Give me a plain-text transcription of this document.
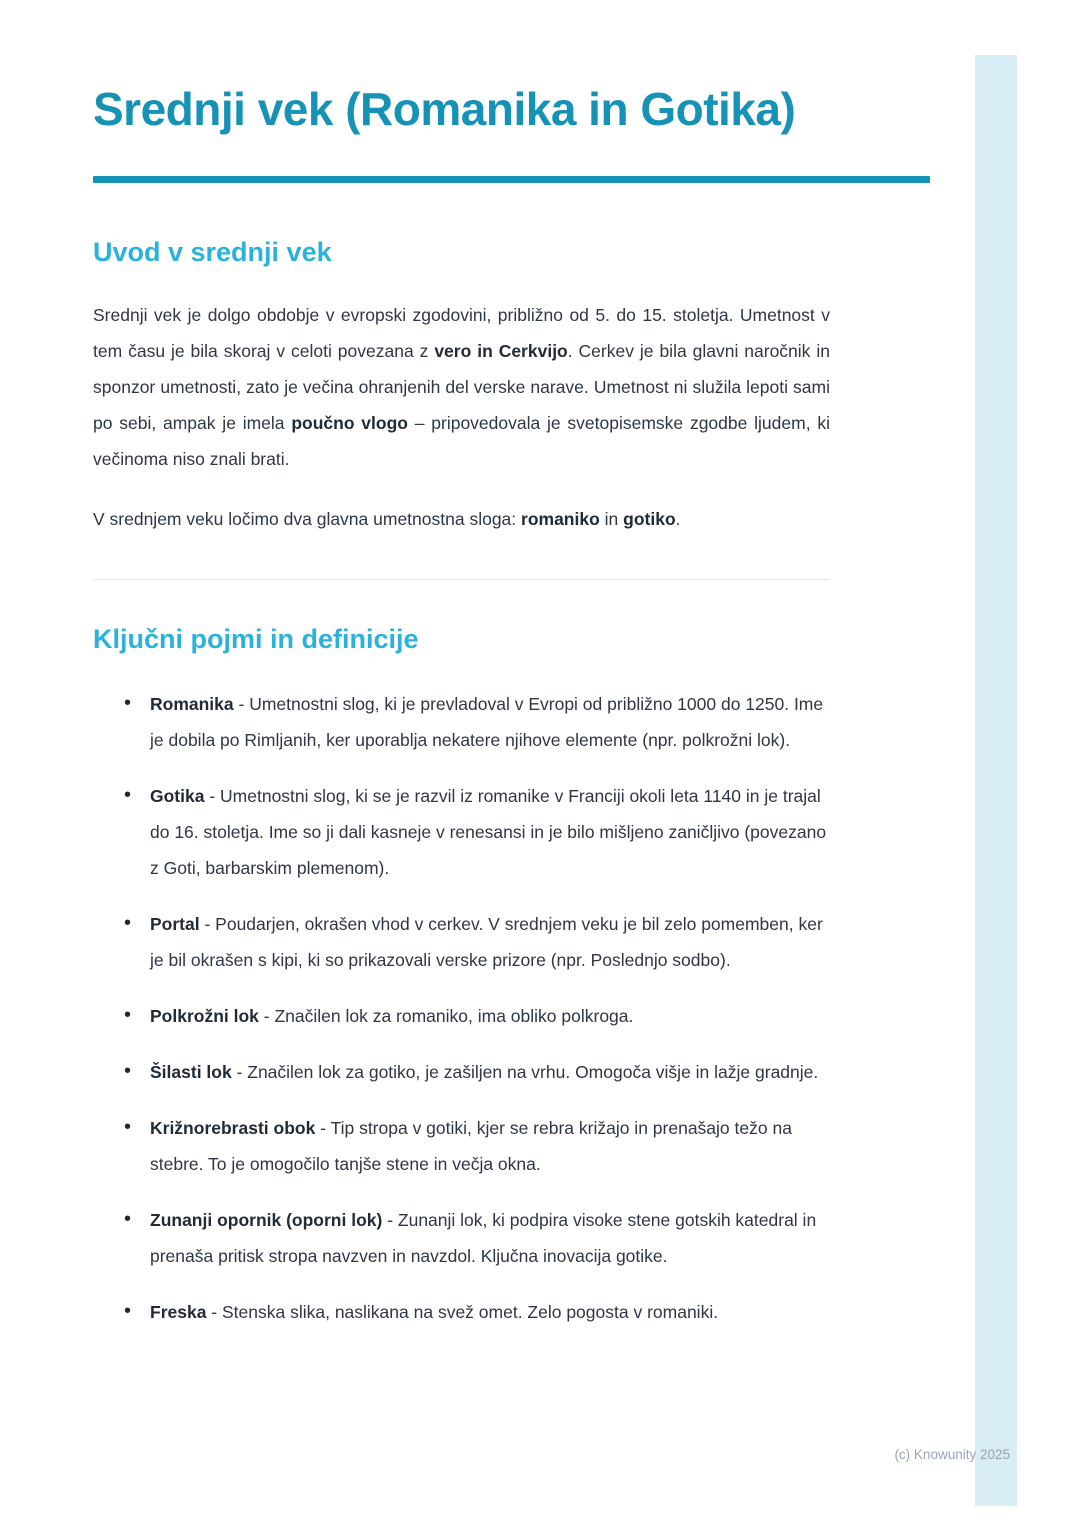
Srednji vek (Romanika in Gotika)
Uvod v srednji vek

Srednji vek je dolgo obdobje v evropski zgodovini, približno od 5. do 15. stoletja. Umetnost v tem času je bila skoraj v celoti povezana z vero in Cerkvijo. Cerkev je bila glavni naročnik in sponzor umetnosti, zato je večina ohranjenih del verske narave. Umetnost ni služila lepoti sami po sebi, ampak je imela poučno vlogo – pripovedovala je svetopisemske zgodbe ljudem, ki večinoma niso znali brati.

V srednjem veku ločimo dva glavna umetnostna sloga: romaniko in gotiko.

Ključni pojmi in definicije
• Romanika - Umetnostni slog, ki je prevladoval v Evropi od približno 1000 do 1250. Ime je dobila po Rimljanih, ker uporablja nekatere njihove elemente (npr. polkrožni lok).
• Gotika - Umetnostni slog, ki se je razvil iz romanike v Franciji okoli leta 1140 in je trajal do 16. stoletja. Ime so ji dali kasneje v renesansi in je bilo mišljeno zaničljivo (povezano z Goti, barbarskim plemenom).
• Portal - Poudarjen, okrašen vhod v cerkev. V srednjem veku je bil zelo pomemben, ker je bil okrašen s kipi, ki so prikazovali verske prizore (npr. Poslednjo sodbo).
• Polkrožni lok - Značilen lok za romaniko, ima obliko polkroga.
• Šilasti lok - Značilen lok za gotiko, je zašiljen na vrhu. Omogoča višje in lažje gradnje.
• Križnorebrasti obok - Tip stropa v gotiki, kjer se rebra križajo in prenašajo težo na stebre. To je omogočilo tanjše stene in večja okna.
• Zunanji opornik (oporni lok) - Zunanji lok, ki podpira visoke stene gotskih katedral in prenaša pritisk stropa navzven in navzdol. Ključna inovacija gotike.
• Freska - Stenska slika, naslikana na svež omet. Zelo pogosta v romaniki.
(c) Knowunity 2025
